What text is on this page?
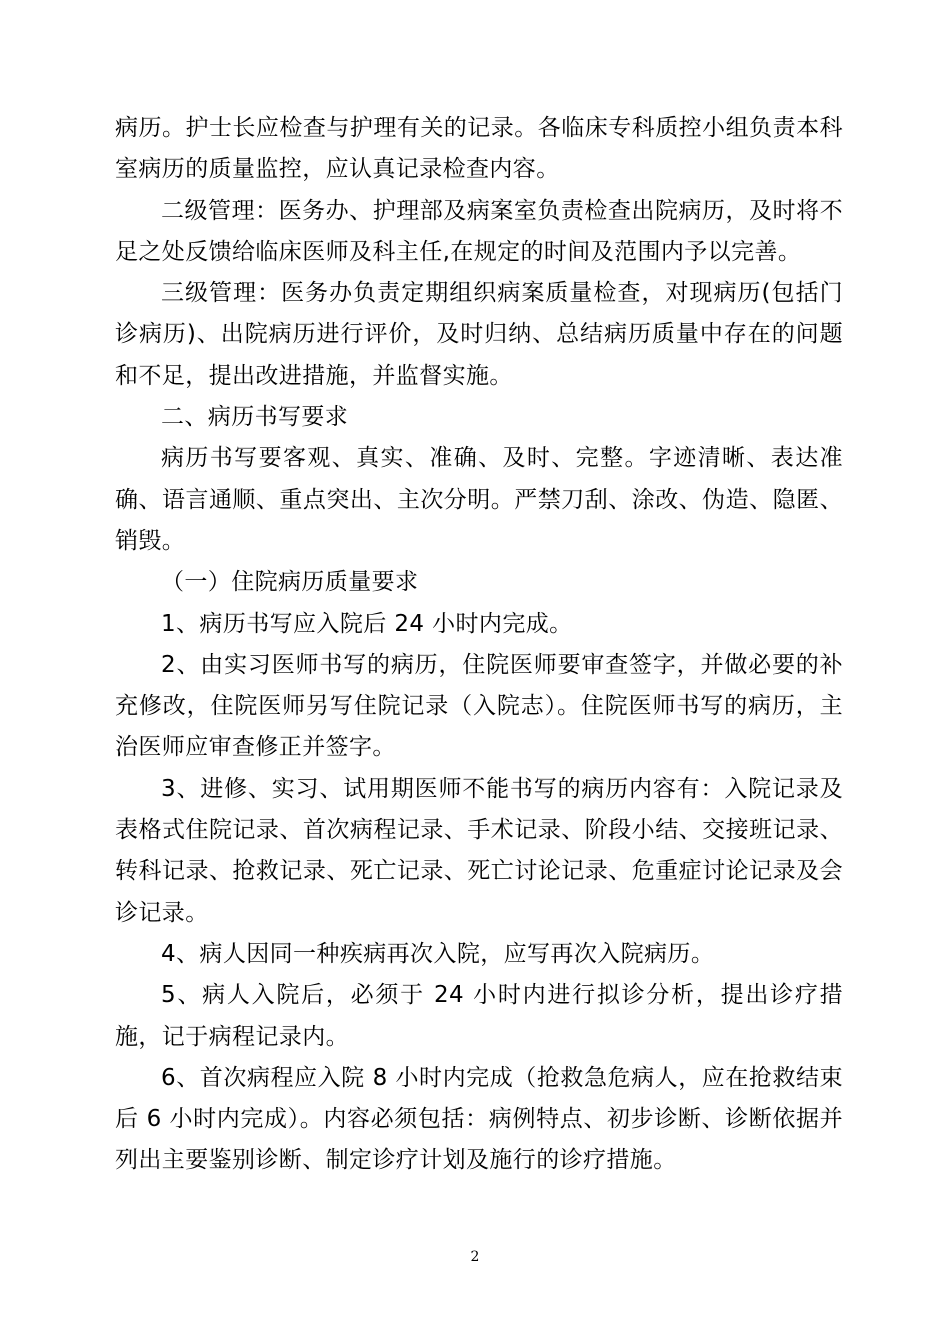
病历。护士长应检查与护理有关的记录。各临床专科质控小组负责本科室病历的质量监控，应认真记录检查内容。

二级管理：医务办、护理部及病案室负责检查出院病历，及时将不足之处反馈给临床医师及科主任,在规定的时间及范围内予以完善。

三级管理：医务办负责定期组织病案质量检查，对现病历(包括门诊病历)、出院病历进行评价，及时归纳、总结病历质量中存在的问题和不足，提出改进措施，并监督实施。

二、病历书写要求

病历书写要客观、真实、准确、及时、完整。字迹清晰、表达准确、语言通顺、重点突出、主次分明。严禁刀刮、涂改、伪造、隐匿、销毁。

（一）住院病历质量要求

1、病历书写应入院后 24 小时内完成。

2、由实习医师书写的病历，住院医师要审查签字，并做必要的补充修改，住院医师另写住院记录（入院志）。住院医师书写的病历，主治医师应审查修正并签字。

3、进修、实习、试用期医师不能书写的病历内容有：入院记录及表格式住院记录、首次病程记录、手术记录、阶段小结、交接班记录、转科记录、抢救记录、死亡记录、死亡讨论记录、危重症讨论记录及会诊记录。

4、病人因同一种疾病再次入院，应写再次入院病历。

5、病人入院后，必须于 24 小时内进行拟诊分析，提出诊疗措施，记于病程记录内。

6、首次病程应入院 8 小时内完成（抢救急危病人，应在抢救结束后 6 小时内完成）。内容必须包括：病例特点、初步诊断、诊断依据并列出主要鉴别诊断、制定诊疗计划及施行的诊疗措施。

2
